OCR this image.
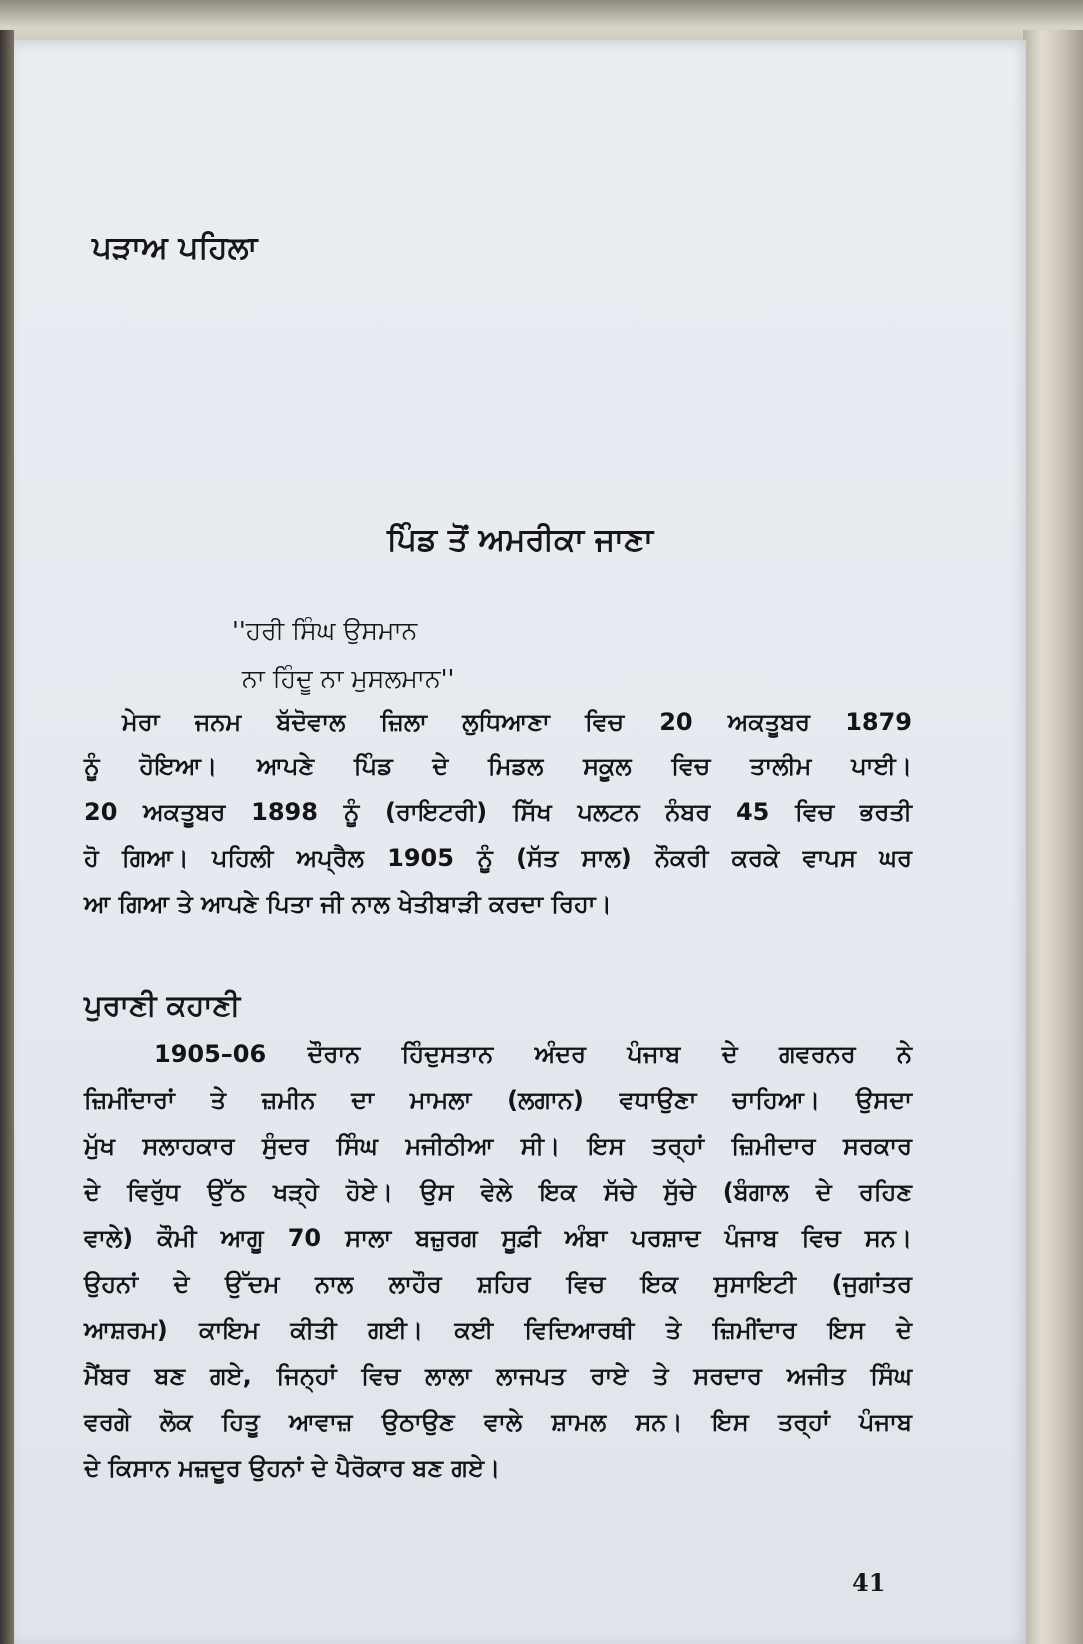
ਪੜਾਅ ਪਹਿਲਾ
ਪਿੰਡ ਤੋਂ ਅਮਰੀਕਾ ਜਾਣਾ
''ਹਰੀ ਸਿੰਘ ਉਸਮਾਨ
ਨਾ ਹਿੰਦੂ ਨਾ ਮੁਸਲਮਾਨ''
ਮੇਰਾ ਜਨਮ ਬੱਦੋਵਾਲ ਜ਼ਿਲਾ ਲੁਧਿਆਣਾ ਵਿਚ 20 ਅਕਤੂਬਰ 1879
ਨੂੰ ਹੋਇਆ। ਆਪਣੇ ਪਿੰਡ ਦੇ ਮਿਡਲ ਸਕੂਲ ਵਿਚ ਤਾਲੀਮ ਪਾਈ।
20 ਅਕਤੂਬਰ 1898 ਨੂੰ (ਰਾਇਟਰੀ) ਸਿੱਖ ਪਲਟਨ ਨੰਬਰ 45 ਵਿਚ ਭਰਤੀ
ਹੋ ਗਿਆ। ਪਹਿਲੀ ਅਪ੍ਰੈਲ 1905 ਨੂੰ (ਸੱਤ ਸਾਲ) ਨੌਕਰੀ ਕਰਕੇ ਵਾਪਸ ਘਰ
ਆ ਗਿਆ ਤੇ ਆਪਣੇ ਪਿਤਾ ਜੀ ਨਾਲ ਖੇਤੀਬਾੜੀ ਕਰਦਾ ਰਿਹਾ।
ਪੁਰਾਣੀ ਕਹਾਣੀ
1905–06 ਦੌਰਾਨ ਹਿੰਦੁਸਤਾਨ ਅੰਦਰ ਪੰਜਾਬ ਦੇ ਗਵਰਨਰ ਨੇ
ਜ਼ਿਮੀਂਦਾਰਾਂ ਤੇ ਜ਼ਮੀਨ ਦਾ ਮਾਮਲਾ (ਲਗਾਨ) ਵਧਾਉਣਾ ਚਾਹਿਆ। ਉਸਦਾ
ਮੁੱਖ ਸਲਾਹਕਾਰ ਸੁੰਦਰ ਸਿੰਘ ਮਜੀਠੀਆ ਸੀ। ਇਸ ਤਰ੍ਹਾਂ ਜ਼ਿਮੀਦਾਰ ਸਰਕਾਰ
ਦੇ ਵਿਰੁੱਧ ਉੱਠ ਖੜ੍ਹੇ ਹੋਏ। ਉਸ ਵੇਲੇ ਇਕ ਸੱਚੇ ਸੁੱਚੇ (ਬੰਗਾਲ ਦੇ ਰਹਿਣ
ਵਾਲੇ) ਕੌਮੀ ਆਗੂ 70 ਸਾਲਾ ਬਜ਼ੁਰਗ ਸੂਫ਼ੀ ਅੰਬਾ ਪਰਸ਼ਾਦ ਪੰਜਾਬ ਵਿਚ ਸਨ।
ਉਹਨਾਂ ਦੇ ਉੱਦਮ ਨਾਲ ਲਾਹੌਰ ਸ਼ਹਿਰ ਵਿਚ ਇਕ ਸੁਸਾਇਟੀ (ਜੁਗਾਂਤਰ
ਆਸ਼ਰਮ) ਕਾਇਮ ਕੀਤੀ ਗਈ। ਕਈ ਵਿਦਿਆਰਥੀ ਤੇ ਜ਼ਿਮੀਂਦਾਰ ਇਸ ਦੇ
ਮੈਂਬਰ ਬਣ ਗਏ, ਜਿਨ੍ਹਾਂ ਵਿਚ ਲਾਲਾ ਲਾਜਪਤ ਰਾਏ ਤੇ ਸਰਦਾਰ ਅਜੀਤ ਸਿੰਘ
ਵਰਗੇ ਲੋਕ ਹਿਤੂ ਆਵਾਜ਼ ਉਠਾਉਣ ਵਾਲੇ ਸ਼ਾਮਲ ਸਨ। ਇਸ ਤਰ੍ਹਾਂ ਪੰਜਾਬ
ਦੇ ਕਿਸਾਨ ਮਜ਼ਦੂਰ ਉਹਨਾਂ ਦੇ ਪੈਰੋਕਾਰ ਬਣ ਗਏ।
41
